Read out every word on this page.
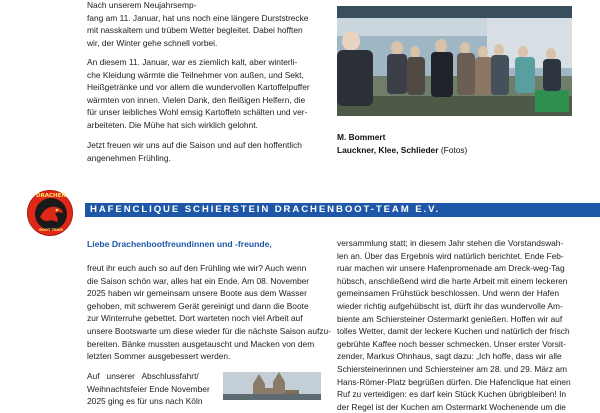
Nach unserem Neujahrsemp-
fang am 11. Januar, hat uns noch eine längere Durststrecke
mit nasskaltem und trübem Wetter begleitet. Dabei hofften
wir, der Winter gehe schnell vorbei.
An diesem 11. Januar, war es ziemlich kalt, aber winterli-
che Kleidung wärmte die Teilnehmer von außen, und Sekt,
Heißgetränke und vor allem die wundervollen Kartoffelpuffer
wärmten von innen. Vielen Dank, den fleißigen Helfern, die
für unser leibliches Wohl emsig Kartoffeln schälten und ver-
arbeiteten. Die Mühe hat sich wirklich gelohnt.
Jetzt freuen wir uns auf die Saison und auf den hoffentlich
angenehmen Frühling.
M. Bommert
Lauckner, Klee, Schlieder (Fotos)
DRACHEN
BOOT TEAM
HAFENCLIQUE SCHIERSTEIN DRACHENBOOT-TEAM E.V.
Liebe Drachenbootfreundinnen und -freunde,
freut ihr euch auch so auf den Frühling wie wir? Auch wenn
die Saison schön war, alles hat ein Ende. Am 08. November
2025 haben wir gemeinsam unsere Boote aus dem Wasser
gehoben, mit schwerem Gerät gereinigt und dann die Boote
zur Winterruhe gebettet. Dort warteten noch viel Arbeit auf
unsere Bootswarte um diese wieder für die nächste Saison aufzu-
bereiten. Bänke mussten ausgetauscht und Macken von dem
letzten Sommer ausgebessert werden.
Auf   unserer   Abschlussfahrt/
Weihnachtsfeier Ende November
2025 ging es für uns nach Köln
versammlung statt; in diesem Jahr stehen die Vorstandswah-
len an. Über das Ergebnis wird natürlich berichtet. Ende Feb-
ruar machen wir unsere Hafenpromenade am Dreck-weg-Tag
hübsch, anschließend wird die harte Arbeit mit einem leckeren
gemeinsamen Frühstück beschlossen. Und wenn der Hafen
wieder richtig aufgehübscht ist, dürft ihr das wundervolle Am-
biente am Schiersteiner Ostermarkt genießen. Hoffen wir auf
tolles Wetter, damit der leckere Kuchen und natürlich der frisch
gebrühte Kaffee noch besser schmecken. Unser erster Vorsit-
zender, Markus Ohnhaus, sagt dazu: „Ich hoffe, dass wir alle
Schiersteinerinnen und Schiersteiner am 28. und 29. März am
Hans-Römer-Platz begrüßen dürfen. Die Hafenclique hat einen
Ruf zu verteidigen: es darf kein Stück Kuchen übrigbleiben! In
der Regel ist der Kuchen am Ostermarkt Wochenende um die
